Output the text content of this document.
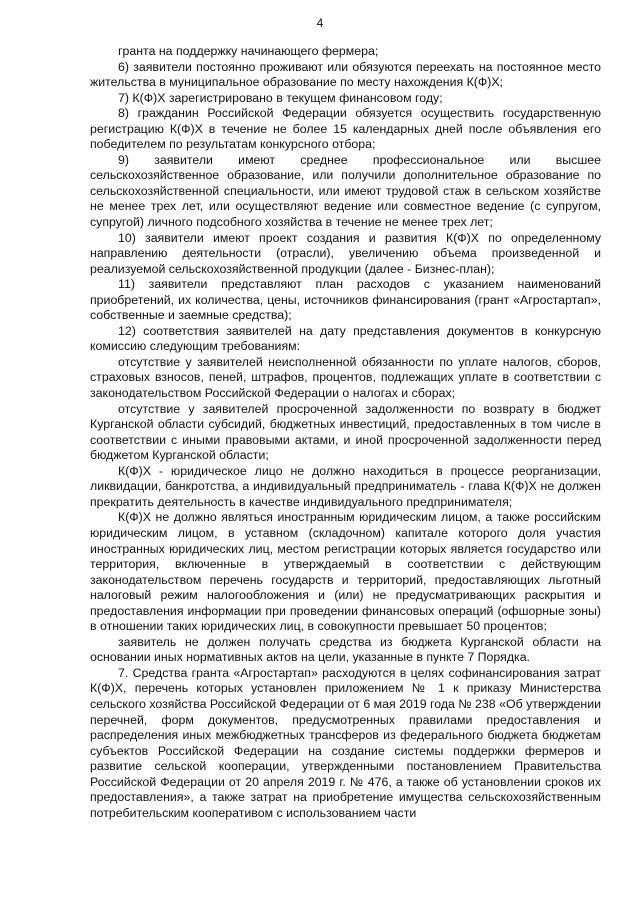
4

гранта на поддержку начинающего фермера;

6) заявители постоянно проживают или обязуются переехать на постоянное место жительства в муниципальное образование по месту нахождения К(Ф)Х;

7) К(Ф)Х зарегистрировано в текущем финансовом году;

8) гражданин Российской Федерации обязуется осуществить государственную регистрацию К(Ф)Х в течение не более 15 календарных дней после объявления его победителем по результатам конкурсного отбора;

9) заявители имеют среднее профессиональное или высшее сельскохозяйственное образование, или получили дополнительное образование по сельскохозяйственной специальности, или имеют трудовой стаж в сельском хозяйстве не менее трех лет, или осуществляют ведение или совместное ведение (с супругом, супругой) личного подсобного хозяйства в течение не менее трех лет;

10) заявители имеют проект создания и развития К(Ф)Х по определенному направлению деятельности (отрасли), увеличению объема произведенной и реализуемой сельскохозяйственной продукции (далее - Бизнес-план);

11) заявители представляют план расходов с указанием наименований приобретений, их количества, цены, источников финансирования (грант «Агростартап», собственные и заемные средства);

12) соответствия заявителей на дату представления документов в конкурсную комиссию следующим требованиям:

отсутствие у заявителей неисполненной обязанности по уплате налогов, сборов, страховых взносов, пеней, штрафов, процентов, подлежащих уплате в соответствии с законодательством Российской Федерации о налогах и сборах;

отсутствие у заявителей просроченной задолженности по возврату в бюджет Курганской области субсидий, бюджетных инвестиций, предоставленных в том числе в соответствии с иными правовыми актами, и иной просроченной задолженности перед бюджетом Курганской области;

К(Ф)Х - юридическое лицо не должно находиться в процессе реорганизации, ликвидации, банкротства, а индивидуальный предприниматель - глава К(Ф)Х не должен прекратить деятельность в качестве индивидуального предпринимателя;

К(Ф)Х не должно являться иностранным юридическим лицом, а также российским юридическим лицом, в уставном (складочном) капитале которого доля участия иностранных юридических лиц, местом регистрации которых является государство или территория, включенные в утверждаемый в соответствии с действующим законодательством перечень государств и территорий, предоставляющих льготный налоговый режим налогообложения и (или) не предусматривающих раскрытия и предоставления информации при проведении финансовых операций (офшорные зоны) в отношении таких юридических лиц, в совокупности превышает 50 процентов;

заявитель не должен получать средства из бюджета Курганской области на основании иных нормативных актов на цели, указанные в пункте 7 Порядка.

7. Средства гранта «Агростартап» расходуются в целях софинансирования затрат К(Ф)Х, перечень которых установлен приложением № 1 к приказу Министерства сельского хозяйства Российской Федерации от 6 мая 2019 года № 238 «Об утверждении перечней, форм документов, предусмотренных правилами предоставления и распределения иных межбюджетных трансферов из федерального бюджета бюджетам субъектов Российской Федерации на создание системы поддержки фермеров и развитие сельской кооперации, утвержденными постановлением Правительства Российской Федерации от 20 апреля 2019 г. № 476, а также об установлении сроков их предоставления», а также затрат на приобретение имущества сельскохозяйственным потребительским кооперативом с использованием части
